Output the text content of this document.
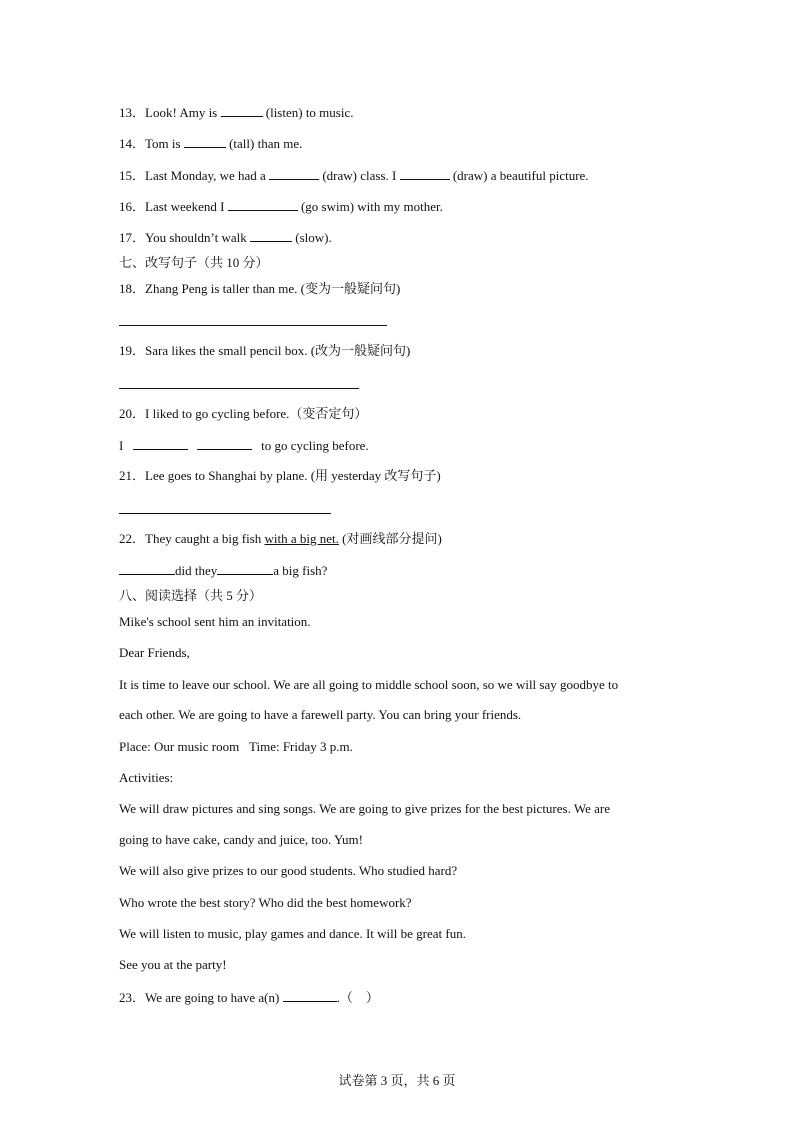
13．Look! Amy is	(listen) to music.
14．Tom is	(tall) than me.
15．Last Monday, we had a	(draw) class. I	(draw) a beautiful picture.
16．Last weekend I	(go swim) with my mother.
17．You shouldn’t walk	(slow).
七、改写句子（共 10 分）
18．Zhang Peng is taller than me. (变为一般疑问句)
19．Sara likes the small pencil box. (改为一般疑问句)
20．I liked to go cycling before.（变否定句）
I	to go cycling before.
21．Lee goes to Shanghai by plane. (用 yesterday 改写句子)
22．They caught a big fish with a big net. (对画线部分提问)
did they	a big fish?
八、阅读选择（共 5 分）
Mike's school sent him an invitation.
Dear Friends,
It is time to leave our school. We are all going to middle school soon, so we will say goodbye to
each other. We are going to have a farewell party. You can bring your friends.
Place: Our music room Time: Friday 3 p.m.
Activities:
We will draw pictures and sing songs. We are going to give prizes for the best pictures. We are
going to have cake, candy and juice, too. Yum!
We will also give prizes to our good students. Who studied hard?
Who wrote the best story? Who did the best homework?
We will listen to music, play games and dance. It will be great fun.
See you at the party!
23．We are going to have a(n)	.（　）
试卷第 3 页，共 6 页
